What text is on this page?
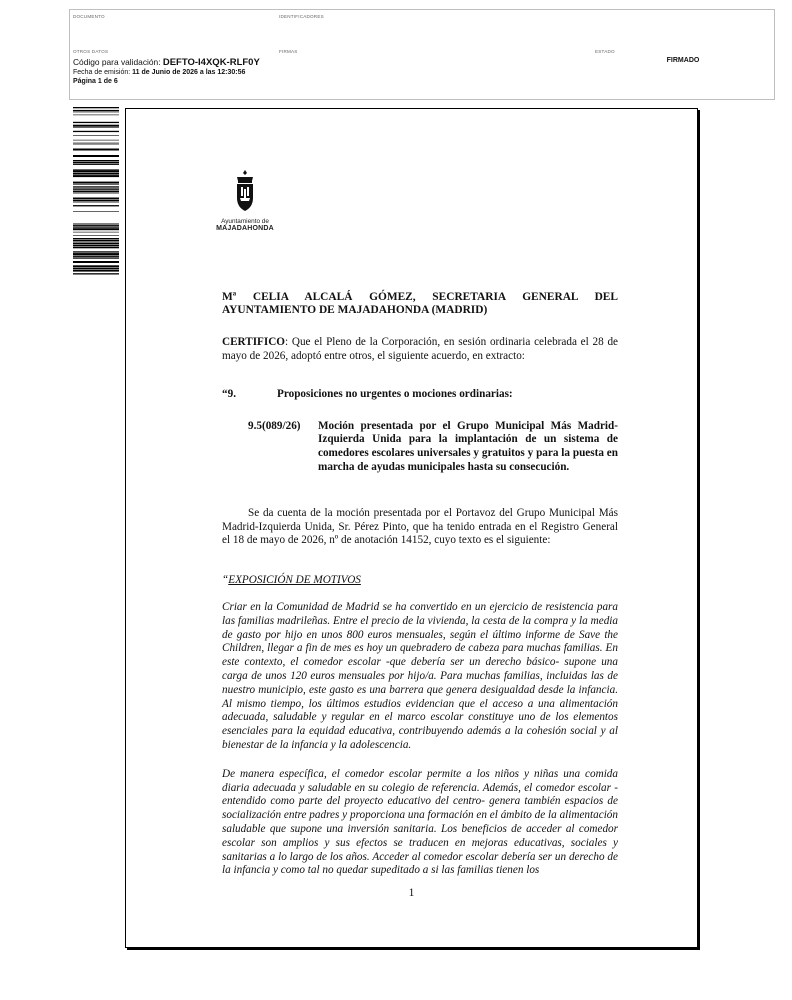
DOCUMENTO	IDENTIFICADORES
OTROS DATOS
Código para validación: DEFTO-I4XQK-RLF0Y
Fecha de emisión: 11 de Junio de 2026 a las 12:30:56
Página 1 de 6
FIRMAS	ESTADO
FIRMADO
Ayuntamiento de
MAJADAHONDA
Mª CELIA ALCALÁ GÓMEZ, SECRETARIA GENERAL DEL AYUNTAMIENTO DE MAJADAHONDA (MADRID)
CERTIFICO: Que el Pleno de la Corporación, en sesión ordinaria celebrada el 28 de mayo de 2026, adoptó entre otros, el siguiente acuerdo, en extracto:
“9.	Proposiciones no urgentes o mociones ordinarias:
9.5(089/26)	Moción presentada por el Grupo Municipal Más Madrid-Izquierda Unida para la implantación de un sistema de comedores escolares universales y gratuitos y para la puesta en marcha de ayudas municipales hasta su consecución.
Se da cuenta de la moción presentada por el Portavoz del Grupo Municipal Más Madrid-Izquierda Unida, Sr. Pérez Pinto, que ha tenido entrada en el Registro General el 18 de mayo de 2026, nº de anotación 14152, cuyo texto es el siguiente:
“EXPOSICIÓN DE MOTIVOS
Criar en la Comunidad de Madrid se ha convertido en un ejercicio de resistencia para las familias madrileñas. Entre el precio de la vivienda, la cesta de la compra y la media de gasto por hijo en unos 800 euros mensuales, según el último informe de Save the Children, llegar a fin de mes es hoy un quebradero de cabeza para muchas familias. En este contexto, el comedor escolar -que debería ser un derecho básico- supone una carga de unos 120 euros mensuales por hijo/a. Para muchas familias, incluidas las de nuestro municipio, este gasto es una barrera que genera desigualdad desde la infancia. Al mismo tiempo, los últimos estudios evidencian que el acceso a una alimentación adecuada, saludable y regular en el marco escolar constituye uno de los elementos esenciales para la equidad educativa, contribuyendo además a la cohesión social y al bienestar de la infancia y la adolescencia.
De manera específica, el comedor escolar permite a los niños y niñas una comida diaria adecuada y saludable en su colegio de referencia. Además, el comedor escolar -entendido como parte del proyecto educativo del centro- genera también espacios de socialización entre padres y proporciona una formación en el ámbito de la alimentación saludable que supone una inversión sanitaria. Los beneficios de acceder al comedor escolar son amplios y sus efectos se traducen en mejoras educativas, sociales y sanitarias a lo largo de los años. Acceder al comedor escolar debería ser un derecho de la infancia y como tal no quedar supeditado a si las familias tienen los
1
